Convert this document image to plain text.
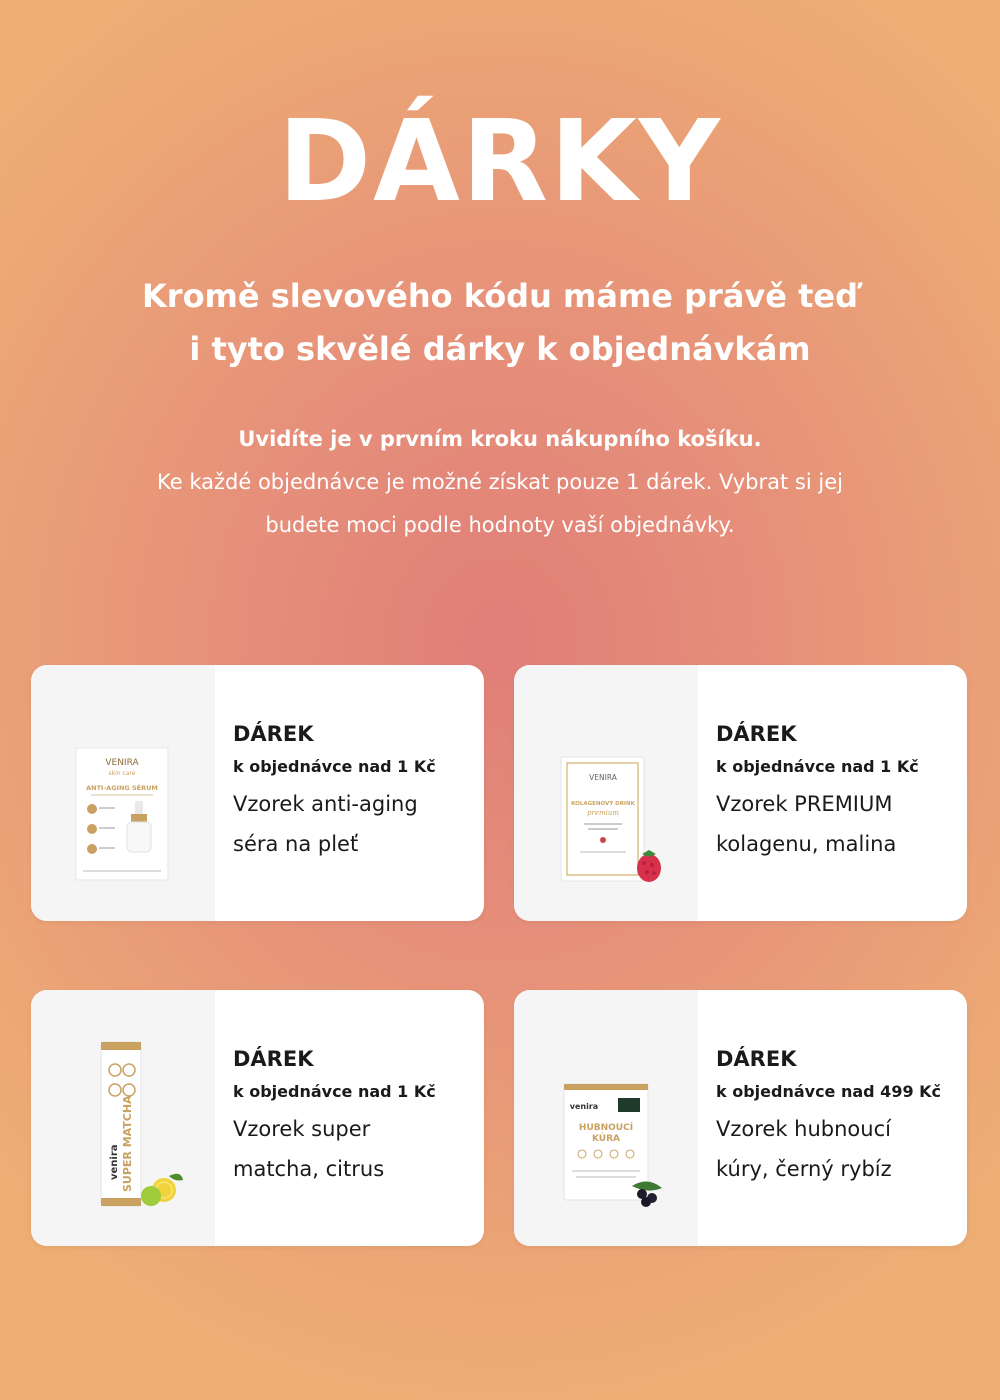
DÁRKY
Kromě slevového kódu máme právě teď
i tyto skvělé dárky k objednávkám
Uvidíte je v prvním kroku nákupního košíku.
Ke každé objednávce je možné získat pouze 1 dárek. Vybrat si jej
budete moci podle hodnoty vaší objednávky.
VENIRA
skin care
ANTI-AGING SÉRUM
DÁREK
k objednávce nad 1 Kč
Vzorek anti-aging
séra na pleť
VENIRA
KOLAGENOVÝ DRINK
premium
DÁREK
k objednávce nad 1 Kč
Vzorek PREMIUM
kolagenu, malina
venira SUPER MATCHA
DÁREK
k objednávce nad 1 Kč
Vzorek super
matcha, citrus
venira
HUBNOUCÍ
KÚRA
DÁREK
k objednávce nad 499 Kč
Vzorek hubnoucí
kúry, černý rybíz
